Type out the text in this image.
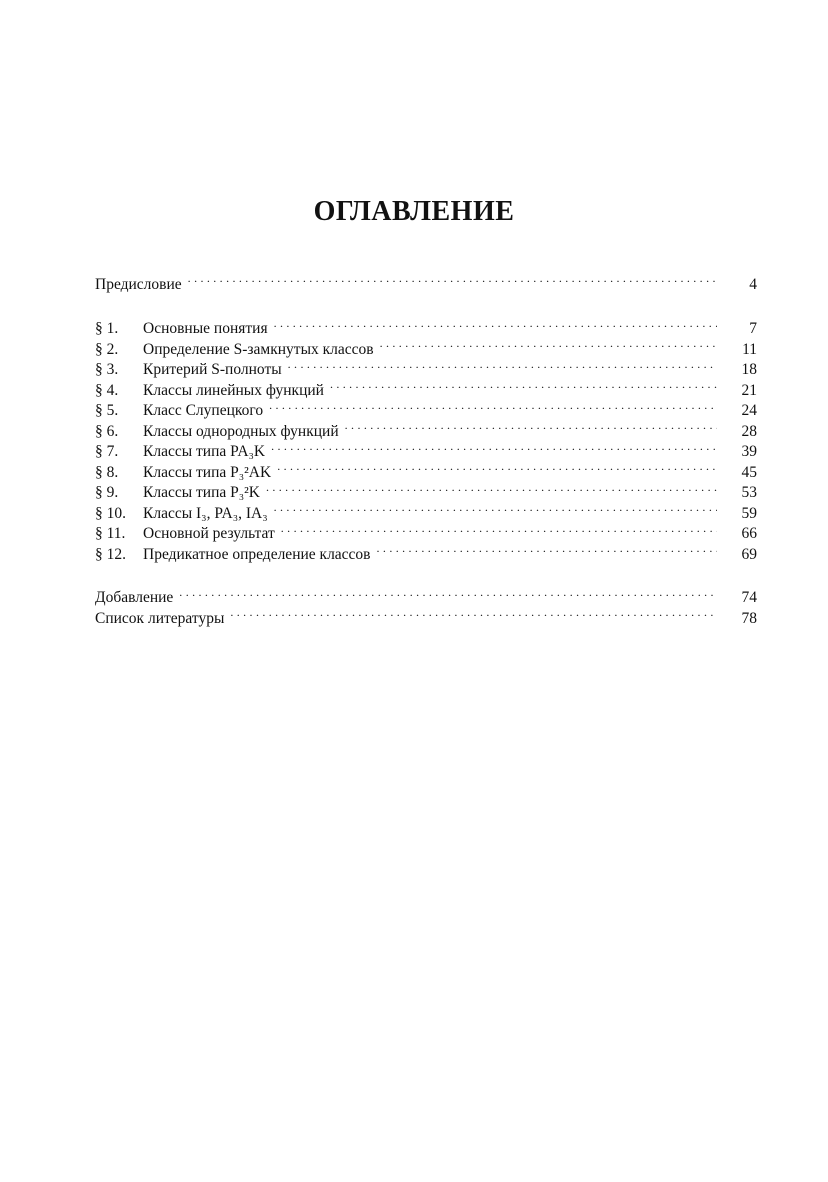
ОГЛАВЛЕНИЕ
Предисловие . . .	4
§ 1.	Основные понятия . . .	7
§ 2.	Определение S-замкнутых классов . . .	11
§ 3.	Критерий S-полноты . . .	18
§ 4.	Классы линейных функций . . .	21
§ 5.	Класс Слупецкого . . .	24
§ 6.	Классы однородных функций . . .	28
§ 7.	Классы типа PA₃K . . .	39
§ 8.	Классы типа P₃²AK . . .	45
§ 9.	Классы типа P₃²K . . .	53
§ 10.	Классы I₃, PA₃, IA₃ . . .	59
§ 11.	Основной результат . . .	66
§ 12.	Предикатное определение классов . . .	69
Добавление . . .	74
Список литературы . . .	78
